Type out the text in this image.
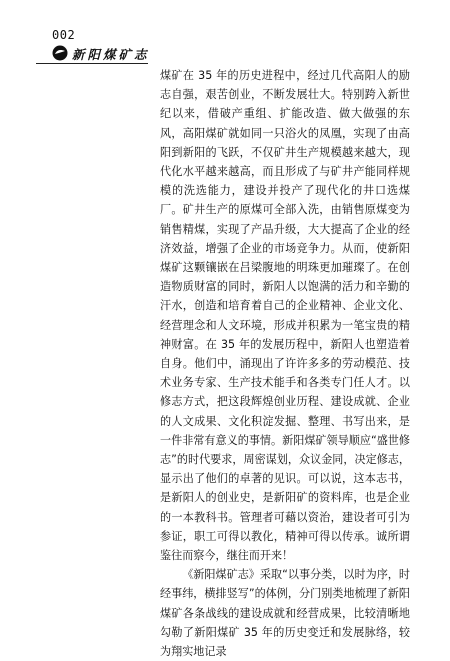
002
新阳煤矿志

煤矿在 35 年的历史进程中，经过几代高阳人的励志自强，艰苦创业，不断发展壮大。特别跨入新世纪以来，借破产重组、扩能改造、做大做强的东风，高阳煤矿就如同一只浴火的凤凰，实现了由高阳到新阳的飞跃，不仅矿井生产规模越来越大，现代化水平越来越高，而且形成了与矿井产能同样规模的洗选能力，建设并投产了现代化的井口选煤厂。矿井生产的原煤可全部入洗，由销售原煤变为销售精煤，实现了产品升级，大大提高了企业的经济效益，增强了企业的市场竞争力。从而，使新阳煤矿这颗镶嵌在吕梁腹地的明珠更加璀璨了。在创造物质财富的同时，新阳人以饱满的活力和辛勤的汗水，创造和培育着自己的企业精神、企业文化、经营理念和人文环境，形成并积累为一笔宝贵的精神财富。在 35 年的发展历程中，新阳人也塑造着自身。他们中，涌现出了许许多多的劳动模范、技术业务专家、生产技术能手和各类专门任人才。以修志方式，把这段辉煌创业历程、建设成就、企业的人文成果、文化积淀发掘、整理、书写出来，是一件非常有意义的事情。新阳煤矿领导顺应“盛世修志”的时代要求，周密谋划，众议金同，决定修志，显示出了他们的卓著的见识。可以说，这本志书，是新阳人的创业史，是新阳矿的资料库，也是企业的一本教科书。管理者可藉以资治，建设者可引为参证，职工可得以教化，精神可得以传承。诚所谓鉴往而察今，继往而开来！

《新阳煤矿志》采取“以事分类，以时为序，时经事纬，横排竖写”的体例，分门别类地梳理了新阳煤矿各条战线的建设成就和经营成果，比较清晰地勾勒了新阳煤矿 35 年的历史变迁和发展脉络，较为翔实地记录
